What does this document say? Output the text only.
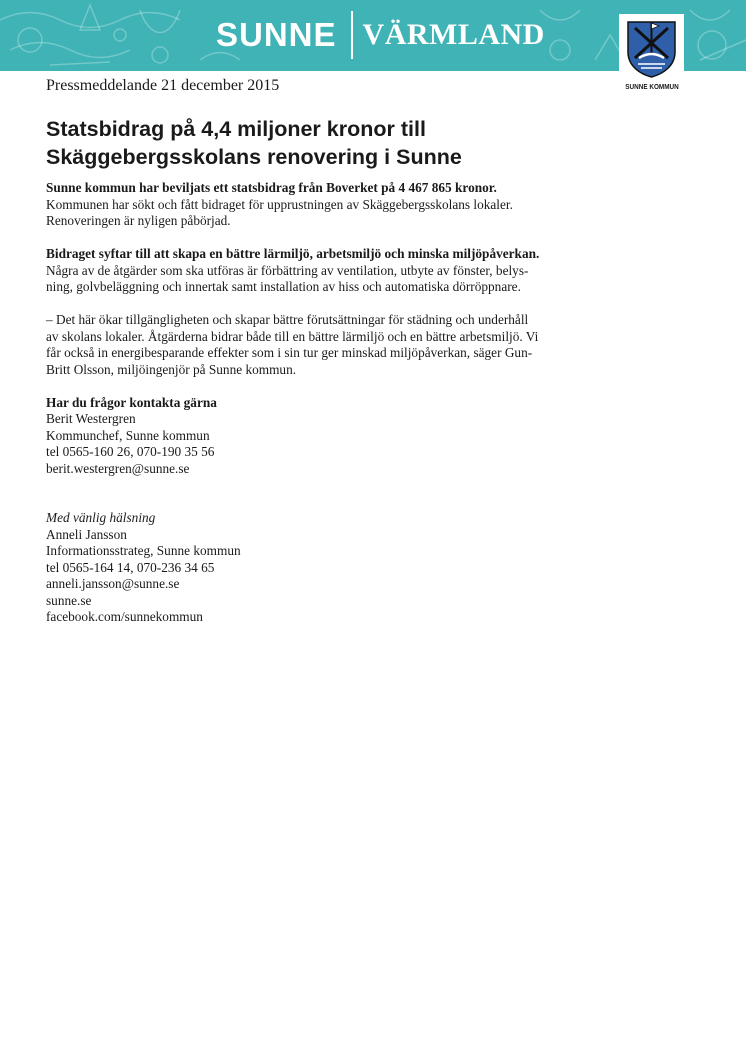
SUNNE VÄRMLAND
SUNNE KOMMUN
Pressmeddelande 21 december 2015
Statsbidrag på 4,4 miljoner kronor till
Skäggebergsskolans renovering i Sunne

Sunne kommun har beviljats ett statsbidrag från Boverket på 4 467 865 kronor.
Kommunen har sökt och fått bidraget för upprustningen av Skäggebergsskolans lokaler.
Renoveringen är nyligen påbörjad.

Bidraget syftar till att skapa en bättre lärmiljö, arbetsmiljö och minska miljöpåverkan.
Några av de åtgärder som ska utföras är förbättring av ventilation, utbyte av fönster, belys-
ning, golvbeläggning och innertak samt installation av hiss och automatiska dörröppnare.

– Det här ökar tillgängligheten och skapar bättre förutsättningar för städning och underhåll
av skolans lokaler. Åtgärderna bidrar både till en bättre lärmiljö och en bättre arbetsmiljö. Vi
får också in energibesparande effekter som i sin tur ger minskad miljöpåverkan, säger Gun-
Britt Olsson, miljöingenjör på Sunne kommun.

Har du frågor kontakta gärna
Berit Westergren
Kommunchef, Sunne kommun
tel 0565-160 26, 070-190 35 56
berit.westergren@sunne.se
Med vänlig hälsning
Anneli Jansson
Informationsstrateg, Sunne kommun
tel 0565-164 14, 070-236 34 65
anneli.jansson@sunne.se
sunne.se
facebook.com/sunnekommun
